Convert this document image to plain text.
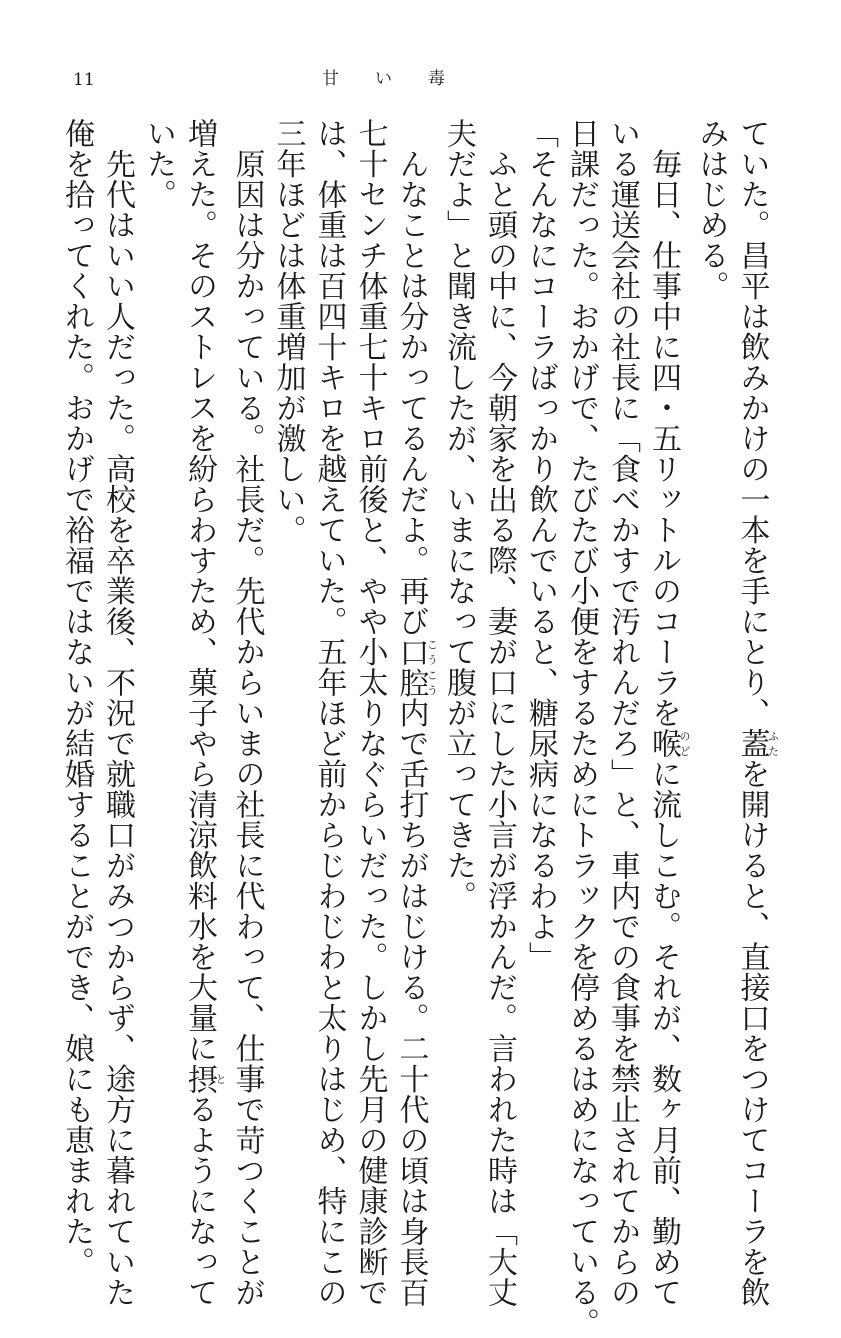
11	甘い毒
ていた。昌平は飲みかけの一本を手にとり、蓋ふたを開けると、直接口をつけてコーラを飲
みはじめる。
　毎日、仕事中に四・五リットルのコーラを喉のどに流しこむ。それが、数ヶ月前、勤めて
いる運送会社の社長に「食べかすで汚れんだろ」と、車内での食事を禁止されてからの
日課だった。おかげで、たびたび小便をするためにトラックを停めるはめになっている。
「そんなにコーラばっかり飲んでいると、糖尿病になるわよ」
　ふと頭の中に、今朝家を出る際、妻が口にした小言が浮かんだ。言われた時は「大丈
夫だよ」と聞き流したが、いまになって腹が立ってきた。
　んなことは分かってるんだよ。再び口腔こうこう内で舌打ちがはじける。二十代の頃は身長百
七十センチ体重七十キロ前後と、やや小太りなぐらいだった。しかし先月の健康診断で
は、体重は百四十キロを越えていた。五年ほど前からじわじわと太りはじめ、特にこの
三年ほどは体重増加が激しい。
　原因は分かっている。社長だ。先代からいまの社長に代わって、仕事で苛つくことが
増えた。そのストレスを紛らわすため、菓子やら清涼飲料水を大量に摂とるようになって
いた。
　先代はいい人だった。高校を卒業後、不況で就職口がみつからず、途方に暮れていた
俺を拾ってくれた。おかげで裕福ではないが結婚することができ、娘にも恵まれた。
